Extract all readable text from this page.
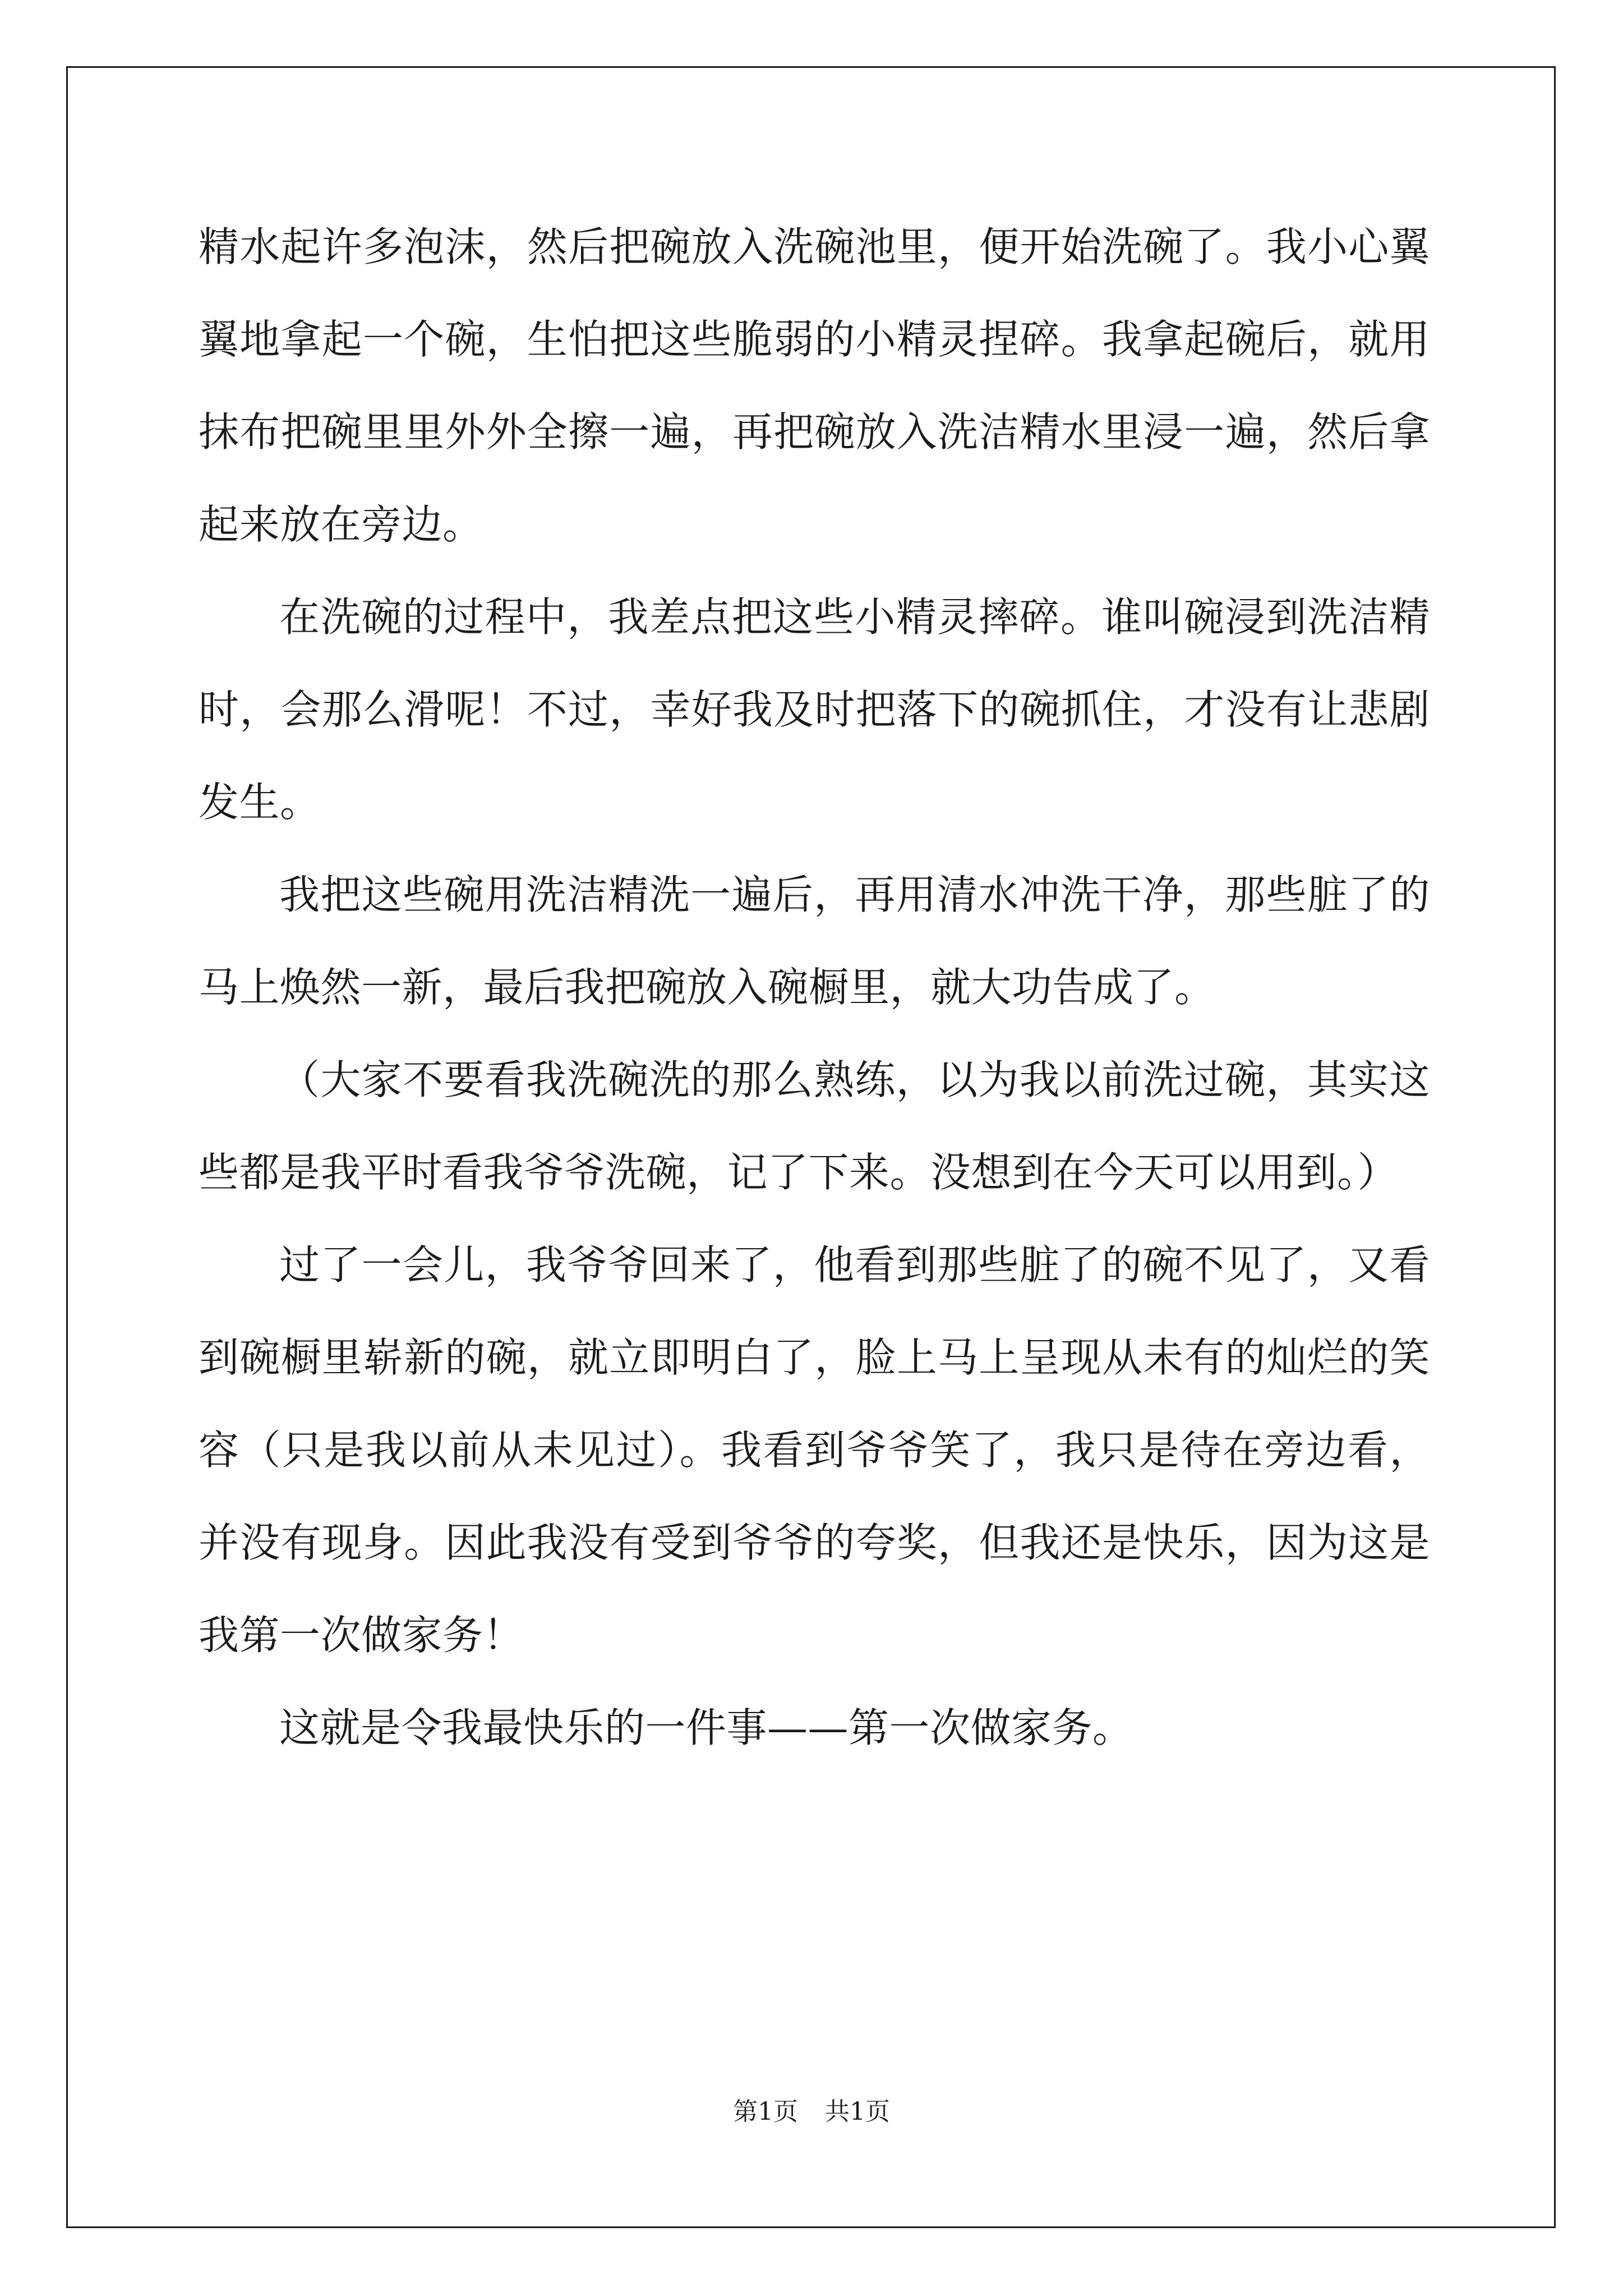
精水起许多泡沫，然后把碗放入洗碗池里，便开始洗碗了。我小心翼翼地拿起一个碗，生怕把这些脆弱的小精灵捏碎。我拿起碗后，就用抹布把碗里里外外全擦一遍，再把碗放入洗洁精水里浸一遍，然后拿起来放在旁边。

在洗碗的过程中，我差点把这些小精灵摔碎。谁叫碗浸到洗洁精时，会那么滑呢！不过，幸好我及时把落下的碗抓住，才没有让悲剧发生。

我把这些碗用洗洁精洗一遍后，再用清水冲洗干净，那些脏了的马上焕然一新，最后我把碗放入碗橱里，就大功告成了。

（大家不要看我洗碗洗的那么熟练，以为我以前洗过碗，其实这些都是我平时看我爷爷洗碗，记了下来。没想到在今天可以用到。）

过了一会儿，我爷爷回来了，他看到那些脏了的碗不见了，又看到碗橱里崭新的碗，就立即明白了，脸上马上呈现从未有的灿烂的笑容（只是我以前从未见过）。我看到爷爷笑了，我只是待在旁边看，并没有现身。因此我没有受到爷爷的夸奖，但我还是快乐，因为这是我第一次做家务！

这就是令我最快乐的一件事——第一次做家务。

第1页 共1页
